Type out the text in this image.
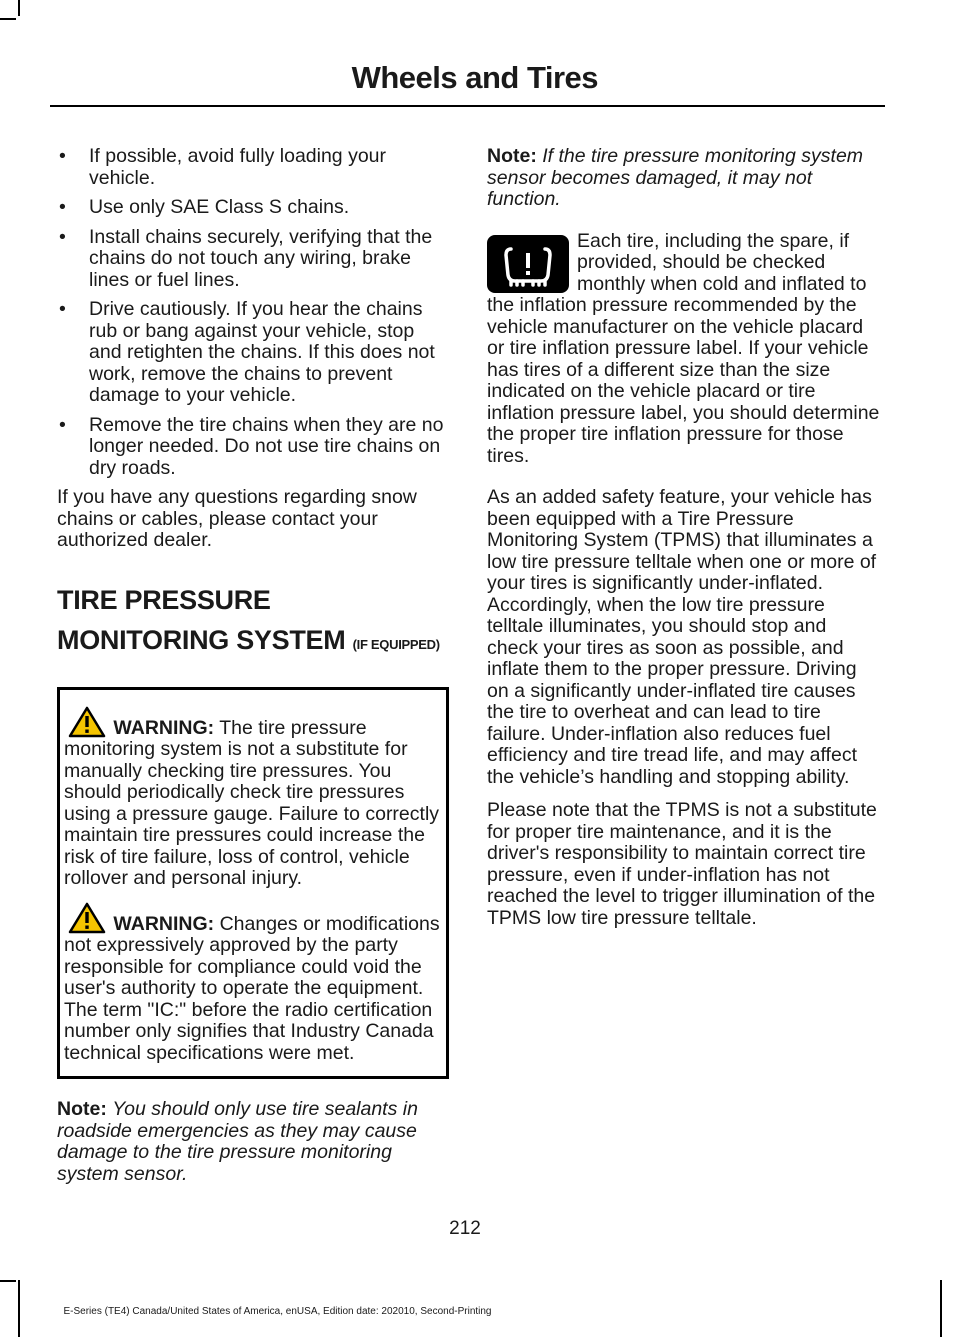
Wheels and Tires
• If possible, avoid fully loading your vehicle.
• Use only SAE Class S chains.
• Install chains securely, verifying that the chains do not touch any wiring, brake lines or fuel lines.
• Drive cautiously. If you hear the chains rub or bang against your vehicle, stop and retighten the chains. If this does not work, remove the chains to prevent damage to your vehicle.
• Remove the tire chains when they are no longer needed. Do not use tire chains on dry roads.

If you have any questions regarding snow chains or cables, please contact your authorized dealer.

TIRE PRESSURE MONITORING SYSTEM (IF EQUIPPED)
WARNING: The tire pressure monitoring system is not a substitute for manually checking tire pressures. You should periodically check tire pressures using a pressure gauge. Failure to correctly maintain tire pressures could increase the risk of tire failure, loss of control, vehicle rollover and personal injury.
WARNING: Changes or modifications not expressively approved by the party responsible for compliance could void the user's authority to operate the equipment. The term "IC:" before the radio certification number only signifies that Industry Canada technical specifications were met.

Note: You should only use tire sealants in roadside emergencies as they may cause damage to the tire pressure monitoring system sensor.

Note: If the tire pressure monitoring system sensor becomes damaged, it may not function.

Each tire, including the spare, if provided, should be checked monthly when cold and inflated to the inflation pressure recommended by the vehicle manufacturer on the vehicle placard or tire inflation pressure label. If your vehicle has tires of a different size than the size indicated on the vehicle placard or tire inflation pressure label, you should determine the proper tire inflation pressure for those tires.

As an added safety feature, your vehicle has been equipped with a Tire Pressure Monitoring System (TPMS) that illuminates a low tire pressure telltale when one or more of your tires is significantly under-inflated. Accordingly, when the low tire pressure telltale illuminates, you should stop and check your tires as soon as possible, and inflate them to the proper pressure. Driving on a significantly under-inflated tire causes the tire to overheat and can lead to tire failure. Under-inflation also reduces fuel efficiency and tire tread life, and may affect the vehicle’s handling and stopping ability.

Please note that the TPMS is not a substitute for proper tire maintenance, and it is the driver's responsibility to maintain correct tire pressure, even if under-inflation has not reached the level to trigger illumination of the TPMS low tire pressure telltale.

212
E-Series (TE4) Canada/United States of America, enUSA, Edition date: 202010, Second-Printing
